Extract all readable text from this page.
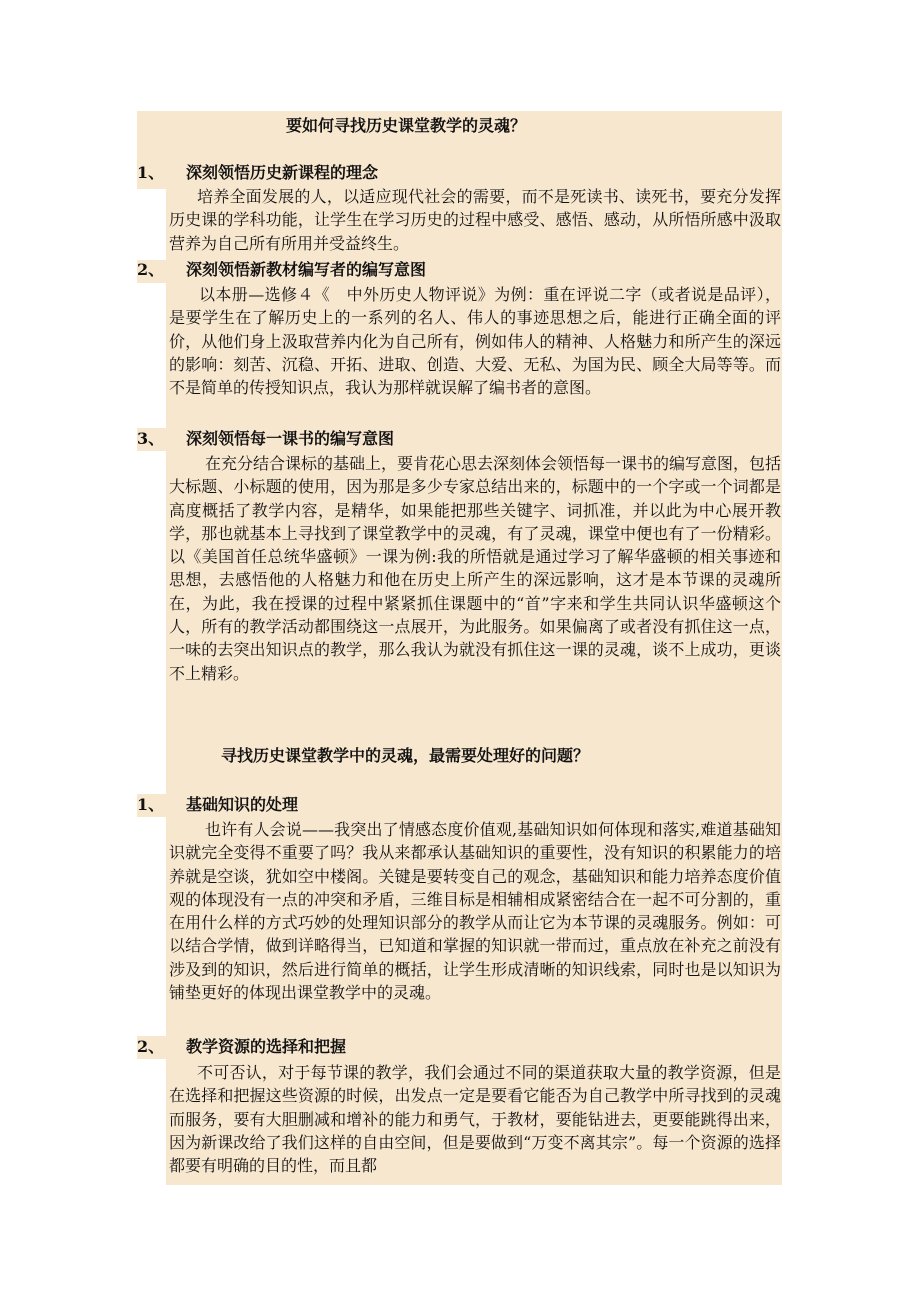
要如何寻找历史课堂教学的灵魂？
1、	深刻领悟历史新课程的理念

培养全面发展的人，以适应现代社会的需要，而不是死读书、读死书，要充分发挥历史课的学科功能，让学生在学习历史的过程中感受、感悟、感动，从所悟所感中汲取营养为自己所有所用并受益终生。

2、	深刻领悟新教材编写者的编写意图

以本册—选修４《　中外历史人物评说》为例：重在评说二字（或者说是品评），是要学生在了解历史上的一系列的名人、伟人的事迹思想之后，能进行正确全面的评价，从他们身上汲取营养内化为自己所有，例如伟人的精神、人格魅力和所产生的深远的影响：刻苦、沉稳、开拓、进取、创造、大爱、无私、为国为民、顾全大局等等。而不是简单的传授知识点，我认为那样就误解了编书者的意图。

3、	深刻领悟每一课书的编写意图

在充分结合课标的基础上，要肯花心思去深刻体会领悟每一课书的编写意图，包括大标题、小标题的使用，因为那是多少专家总结出来的，标题中的一个字或一个词都是高度概括了教学内容，是精华，如果能把那些关键字、词抓准，并以此为中心展开教学，那也就基本上寻找到了课堂教学中的灵魂，有了灵魂，课堂中便也有了一份精彩。以《美国首任总统华盛顿》一课为例:我的所悟就是通过学习了解华盛顿的相关事迹和思想，去感悟他的人格魅力和他在历史上所产生的深远影响，这才是本节课的灵魂所在，为此，我在授课的过程中紧紧抓住课题中的“首”字来和学生共同认识华盛顿这个人，所有的教学活动都围绕这一点展开，为此服务。如果偏离了或者没有抓住这一点，一味的去突出知识点的教学，那么我认为就没有抓住这一课的灵魂，谈不上成功，更谈不上精彩。

寻找历史课堂教学中的灵魂，最需要处理好的问题？
1、	基础知识的处理

也许有人会说——我突出了情感态度价值观,基础知识如何体现和落实,难道基础知识就完全变得不重要了吗？我从来都承认基础知识的重要性，没有知识的积累能力的培养就是空谈，犹如空中楼阁。关键是要转变自己的观念，基础知识和能力培养态度价值观的体现没有一点的冲突和矛盾，三维目标是相辅相成紧密结合在一起不可分割的，重在用什么样的方式巧妙的处理知识部分的教学从而让它为本节课的灵魂服务。例如：可以结合学情，做到详略得当，已知道和掌握的知识就一带而过，重点放在补充之前没有涉及到的知识，然后进行简单的概括，让学生形成清晰的知识线索，同时也是以知识为铺垫更好的体现出课堂教学中的灵魂。

2、	教学资源的选择和把握

不可否认，对于每节课的教学，我们会通过不同的渠道获取大量的教学资源，但是在选择和把握这些资源的时候，出发点一定是要看它能否为自己教学中所寻找到的灵魂而服务，要有大胆删减和增补的能力和勇气，于教材，要能钻进去，更要能跳得出来，因为新课改给了我们这样的自由空间，但是要做到“万变不离其宗”。每一个资源的选择都要有明确的目的性，而且都
